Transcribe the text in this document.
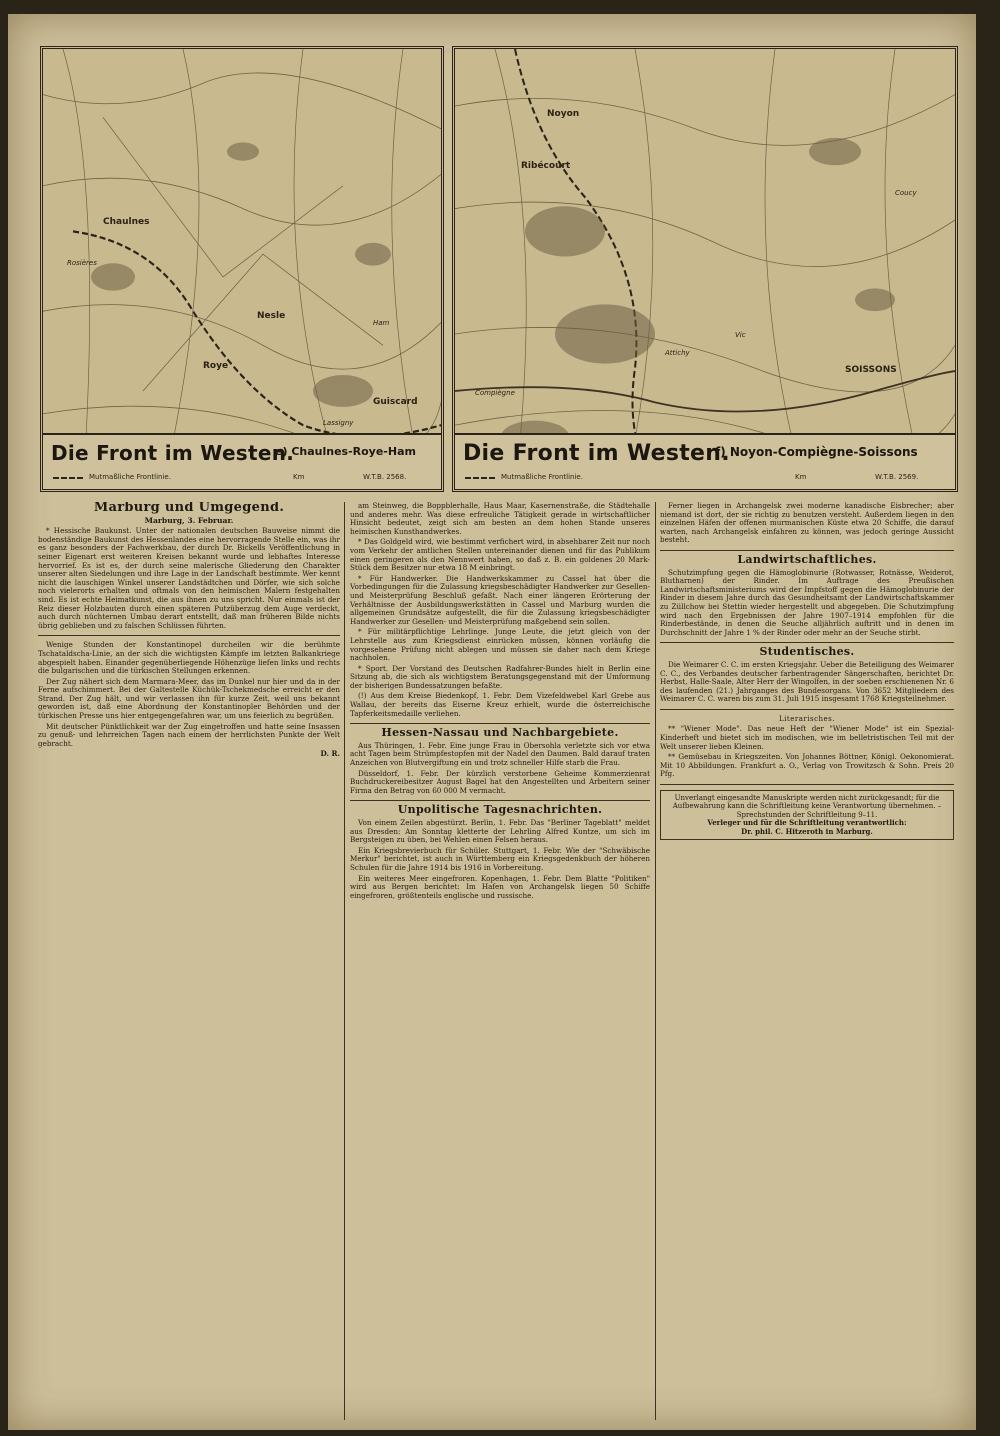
Chaulnes
Nesle
Roye
Guiscard
Rosières
Ham
Lassigny
Die Front im Westen.
e) Chaulnes-Roye-Ham
Mutmaßliche Frontlinie.	Km	W.T.B. 2568.
Noyon
Ribécourt
SOISSONS
Attichy
Vic
Coucy
Compiègne
Die Front im Westen.
f) Noyon-Compiègne-Soissons
Mutmaßliche Frontlinie.	Km	W.T.B. 2569.
Marburg und Umgegend.
Marburg, 3. Februar.

* Hessische Baukunst. Unter der nationalen deutschen Bauweise nimmt die bodenständige Baukunst des Hessenlandes eine hervorragende Stelle ein, was ihr es ganz besonders der Fachwerkbau, der durch Dr. Bickells Veröffentlichung in seiner Eigenart erst weiteren Kreisen bekannt wurde und lebhaftes Interesse hervorrief. Es ist es, der durch seine malerische Gliederung den Charakter unserer alten Siedelungen und ihre Lage in der Landschaft bestimmte. Wer kennt nicht die lauschigen Winkel unserer Landstädtchen und Dörfer, wie sich solche noch vielerorts erhalten und oftmals von den heimischen Malern festgehalten sind. Es ist echte Heimatkunst, die aus ihnen zu uns spricht. Nur einmals ist der Reiz dieser Holzbauten durch einen späteren Putzüberzug dem Auge verdeckt, auch durch nüchternen Umbau derart entstellt, daß man früheren Bilde nichts übrig geblieben und zu falschen Schlüssen führten.

Wenige Stunden der Konstantinopel durcheilen wir die berühmte Tschataldscha-Linie, an der sich die wichtigsten Kämpfe im letzten Balkankriege abgespielt haben. Einander gegenüberliegende Höhenzüge liefen links und rechts die bulgarischen und die türkischen Stellungen erkennen.

Der Zug nähert sich dem Marmara-Meer, das im Dunkel nur hier und da in der Ferne aufschimmert. Bei der Galtestelle Küchük-Tschekmedsche erreicht er den Strand. Der Zug hält, und wir verlassen ihn für kurze Zeit, weil uns bekannt geworden ist, daß eine Abordnung der Konstantinopler Behörden und der türkischen Presse uns hier entgegengefahren war, um uns feierlich zu begrüßen.

Mit deutscher Pünktlichkeit war der Zug eingetroffen und hatte seine Insassen zu genuß- und lehrreichen Tagen nach einem der herrlichsten Punkte der Welt gebracht.

D. R.

am Steinweg, die Boppblerhalle, Haus Maar, Kasernenstraße, die Städtehalle und anderes mehr. Was diese erfreuliche Tätigkeit gerade in wirtschaftlicher Hinsicht bedeutet, zeigt sich am besten an dem hohen Stande unseres heimischen Kunsthandwerkes.

* Das Goldgeld wird, wie bestimmt verfichert wird, in absehbarer Zeit nur noch vom Verkehr der amtlichen Stellen untereinander dienen und für das Publikum einen geringeren als den Nennwert haben, so daß z. B. ein goldenes 20 Mark-Stück dem Besitzer nur etwa 18 M einbringt.

* Für Handwerker. Die Handwerkskammer zu Cassel hat über die Vorbedingungen für die Zulassung kriegsbeschädigter Handwerker zur Gesellen- und Meisterprüfung Beschluß gefaßt. Nach einer längeren Erörterung der Verhältnisse der Ausbildungswerkstätten in Cassel und Marburg wurden die allgemeinen Grundsätze aufgestellt, die für die Zulassung kriegsbeschädigter Handwerker zur Gesellen- und Meisterprüfung maßgebend sein sollen.

* Für militärpflichtige Lehrlinge. Junge Leute, die jetzt gleich von der Lehrstelle aus zum Kriegsdienst einrücken müssen, können vorläufig die vorgesehene Prüfung nicht ablegen und müssen sie daher nach dem Kriege nachholen.

* Sport. Der Vorstand des Deutschen Radfahrer-Bundes hielt in Berlin eine Sitzung ab, die sich als wichtigstem Beratungsgegenstand mit der Umformung der bisherigen Bundessatzungen befaßte.

(!) Aus dem Kreise Biedenkopf, 1. Febr. Dem Vizefeldwebel Karl Grebe aus Wallau, der bereits das Eiserne Kreuz erhielt, wurde die österreichische Tapferkeitsmedaille verliehen.

Hessen-Nassau und Nachbargebiete.

Aus Thüringen, 1. Febr. Eine junge Frau in Obersohla verletzte sich vor etwa acht Tagen beim Strümpfestopfen mit der Nadel den Daumen. Bald darauf traten Anzeichen von Blutvergiftung ein und trotz schneller Hilfe starb die Frau.

Düsseldorf, 1. Febr. Der kürzlich verstorbene Geheime Kommerzienrat Buchdruckereibesitzer August Bagel hat den Angestellten und Arbeitern seiner Firma den Betrag von 60 000 M vermacht.

Unpolitische Tagesnachrichten.

Von einem Zeilen abgestürzt. Berlin, 1. Febr. Das "Berliner Tageblatt" meldet aus Dresden: Am Sonntag kletterte der Lehrling Alfred Kuntze, um sich im Bergsteigen zu üben, bei Wehlen einen Felsen heraus.

Ein Kriegsbrevierbuch für Schüler. Stuttgart, 1. Febr. Wie der "Schwäbische Merkur" berichtet, ist auch in Württemberg ein Kriegsgedenkbuch der höheren Schulen für die Jahre 1914 bis 1916 in Vorbereitung.

Ein weiteres Meer eingefroren. Kopenhagen, 1. Febr. Dem Blatte "Politiken" wird aus Bergen berichtet: Im Hafen von Archangelsk liegen 50 Schiffe eingefroren, größtenteils englische und russische.

Ferner liegen in Archangelsk zwei moderne kanadische Eisbrecher; aber niemand ist dort, der sie richtig zu benutzen versteht. Außerdem liegen in den einzelnen Häfen der offenen murmanischen Küste etwa 20 Schiffe, die darauf warten, nach Archangelsk einfahren zu können, was jedoch geringe Aussicht besteht.

Landwirtschaftliches.

Schutzimpfung gegen die Hämoglobinurie (Rotwasser, Rotnässe, Weiderot, Blutharnen) der Rinder. Im Auftrage des Preußischen Landwirtschaftsministeriums wird der Impfstoff gegen die Hämoglobinurie der Rinder in diesem Jahre durch das Gesundheitsamt der Landwirtschaftskammer zu Züllchow bei Stettin wieder hergestellt und abgegeben. Die Schutzimpfung wird nach den Ergebnissen der Jahre 1907–1914 empfohlen für die Rinderbestände, in denen die Seuche alljährlich auftritt und in denen im Durchschnitt der Jahre 1 % der Rinder oder mehr an der Seuche stirbt.

Studentisches.

Die Weimarer C. C. im ersten Kriegsjahr. Ueber die Beteiligung des Weimarer C. C., des Verbandes deutscher farbentragender Sängerschaften, berichtet Dr. Herbst, Halle-Saale, Alter Herr der Wingolfen, in der soeben erschienenen Nr. 6 des laufenden (21.) Jahrganges des Bundesorgans. Von 3652 Mitgliedern des Weimarer C. C. waren bis zum 31. Juli 1915 insgesamt 1768 Kriegsteilnehmer.

Literarisches.

** "Wiener Mode". Das neue Heft der "Wiener Mode" ist ein Spezial-Kinderheft und bietet sich im modischen, wie im belletristischen Teil mit der Welt unserer lieben Kleinen.

** Gemüsebau in Kriegszeiten. Von Johannes Böttner, Königl. Oekonomierat. Mit 10 Abbildungen. Frankfurt a. O., Verlag von Trowitzsch & Sohn. Preis 20 Pfg.

Unverlangt eingesandte Manuskripte werden nicht zurückgesandt; für die Aufbewahrung kann die Schriftleitung keine Verantwortung übernehmen. – Sprechstunden der Schriftleitung 9–11.
Verleger und für die Schriftleitung verantwortlich:
Dr. phil. C. Hitzeroth in Marburg.
